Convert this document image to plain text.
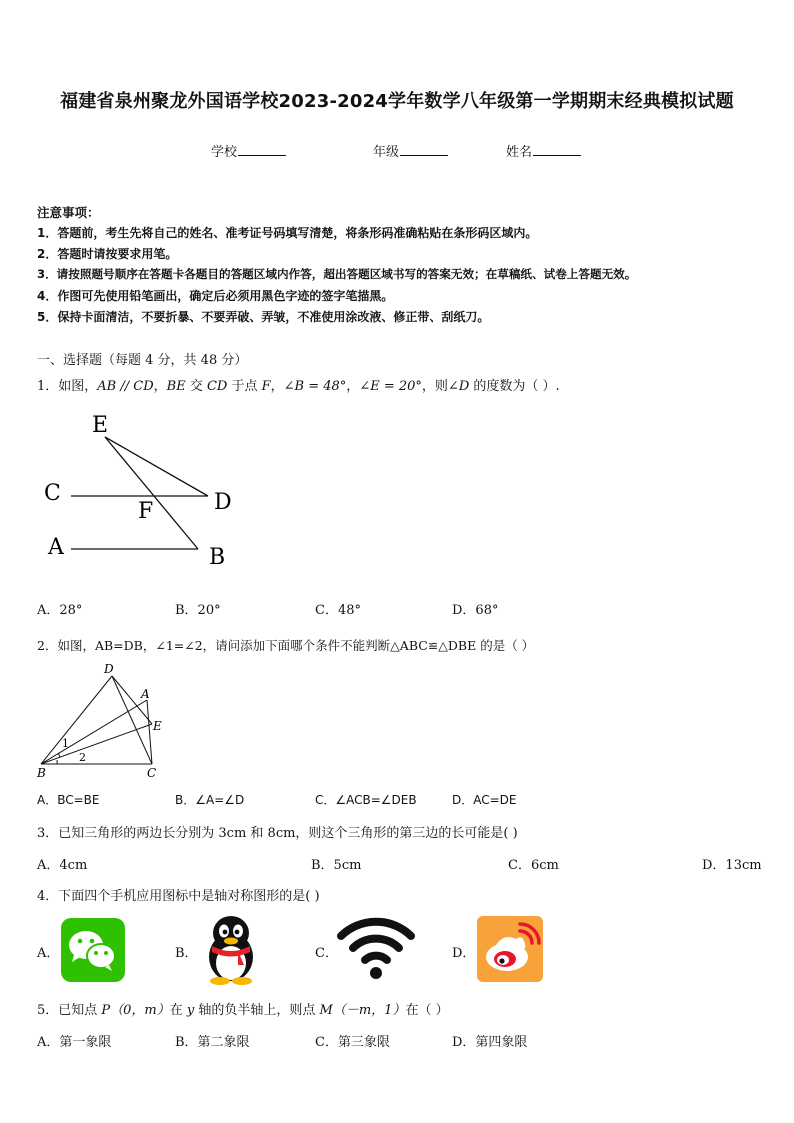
福建省泉州聚龙外国语学校2023-2024学年数学八年级第一学期期末经典模拟试题
学校	年级	姓名
注意事项：
1．答题前，考生先将自己的姓名、准考证号码填写清楚，将条形码准确粘贴在条形码区域内。
2．答题时请按要求用笔。
3．请按照题号顺序在答题卡各题目的答题区域内作答，超出答题区域书写的答案无效；在草稿纸、试卷上答题无效。
4．作图可先使用铅笔画出，确定后必须用黑色字迹的签字笔描黑。
5．保持卡面清洁，不要折暴、不要弄破、弄皱，不准使用涂改液、修正带、刮纸刀。
一、选择题（每题 4 分，共 48 分）
1．如图，AB // CD，BE 交 CD 于点 F，∠B = 48°，∠E = 20°，则∠D 的度数为（ ）.
E
C	D
F
A	B
A．28°	B．20°	C．48°	D．68°
2．如图，AB=DB，∠1=∠2，请问添加下面哪个条件不能判断△ABC≌△DBE 的是（ ）
D
A
E
B	C
1
2
A．BC=BE	B．∠A=∠D	C．∠ACB=∠DEB	D．AC=DE
3．已知三角形的两边长分别为 3cm 和 8cm，则这个三角形的第三边的长可能是( )
A．4cm	B．5cm	C．6cm	D．13cm
4．下面四个手机应用图标中是轴对称图形的是( )
A．	B．	C．	D．
5．已知点 P（0，m）在 y 轴的负半轴上，则点 M（－m，1）在（ ）
A．第一象限	B．第二象限	C．第三象限	D．第四象限
